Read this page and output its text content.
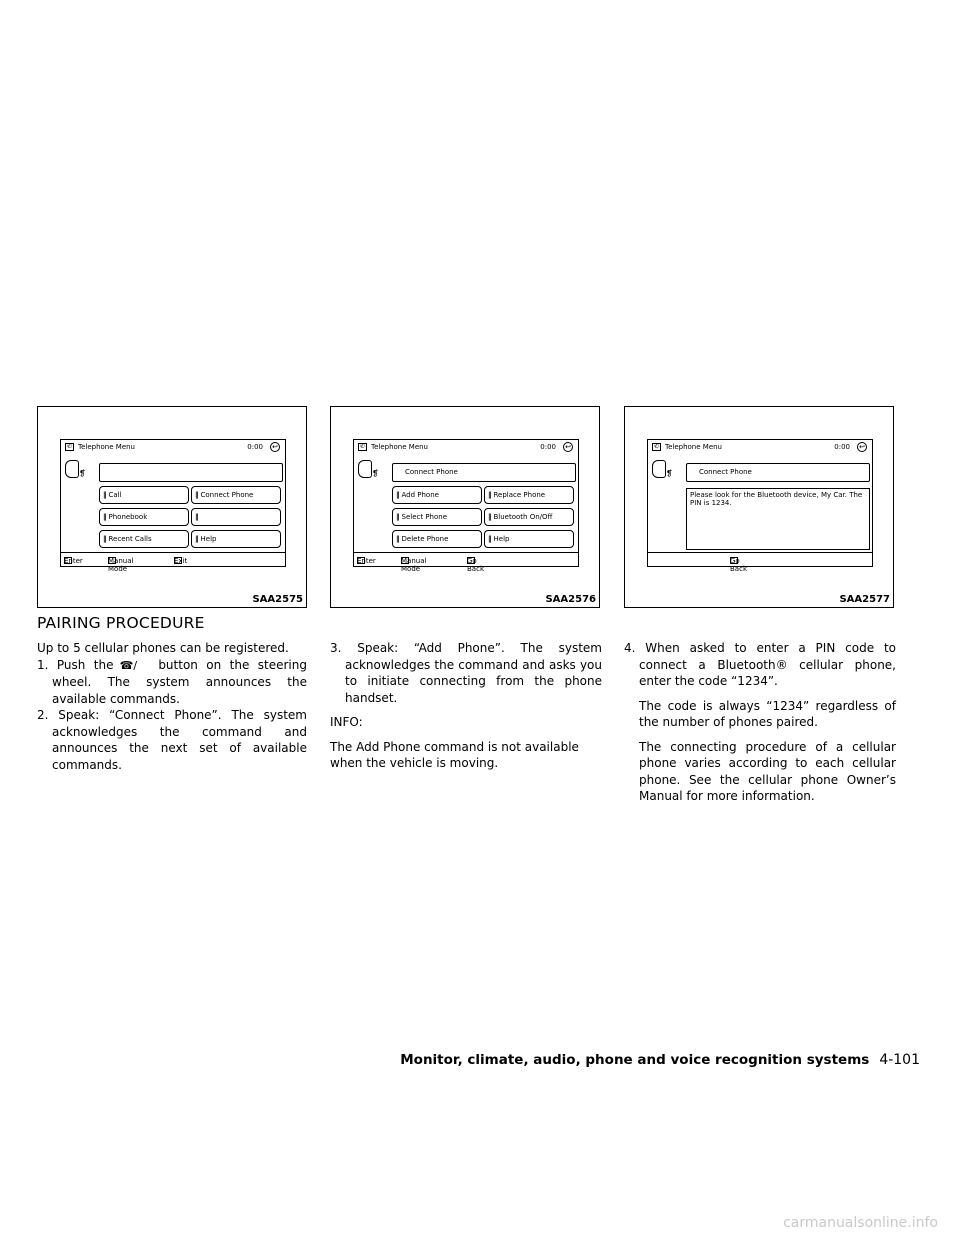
✆ Telephone Menu	0:00 ↩
❡
‖ Call	‖ Connect Phone
‖ Phonebook	‖
‖ Recent Calls	‖ Help
Enter	Manual Mode
Exit
SAA2575
✆ Telephone Menu	0:00 ↩
❡	Connect Phone
‖ Add Phone	‖ Replace Phone
‖ Select Phone	‖ Bluetooth On/Off
‖ Delete Phone	‖ Help
Enter	Manual Mode
Go Back
SAA2576
✆ Telephone Menu	0:00 ↩
❡	Connect Phone
Please look for the Bluetooth device, My Car. The PIN is 1234.
Go Back
SAA2577
PAIRING PROCEDURE

Up to 5 cellular phones can be registered.

1. Push the ☎∕ button on the steering wheel. The system announces the available commands.

2. Speak: “Connect Phone”. The system acknowledges the command and announces the next set of available commands.

3. Speak: “Add Phone”. The system acknowledges the command and asks you to initiate connecting from the phone handset.

INFO:

The Add Phone command is not available when the vehicle is moving.

4. When asked to enter a PIN code to connect a Bluetooth® cellular phone, enter the code “1234”.

The code is always “1234” regardless of the number of phones paired.

The connecting procedure of a cellular phone varies according to each cellular phone. See the cellular phone Owner’s Manual for more information.

Monitor, climate, audio, phone and voice recognition systems 4-101
carmanualsonline.info
